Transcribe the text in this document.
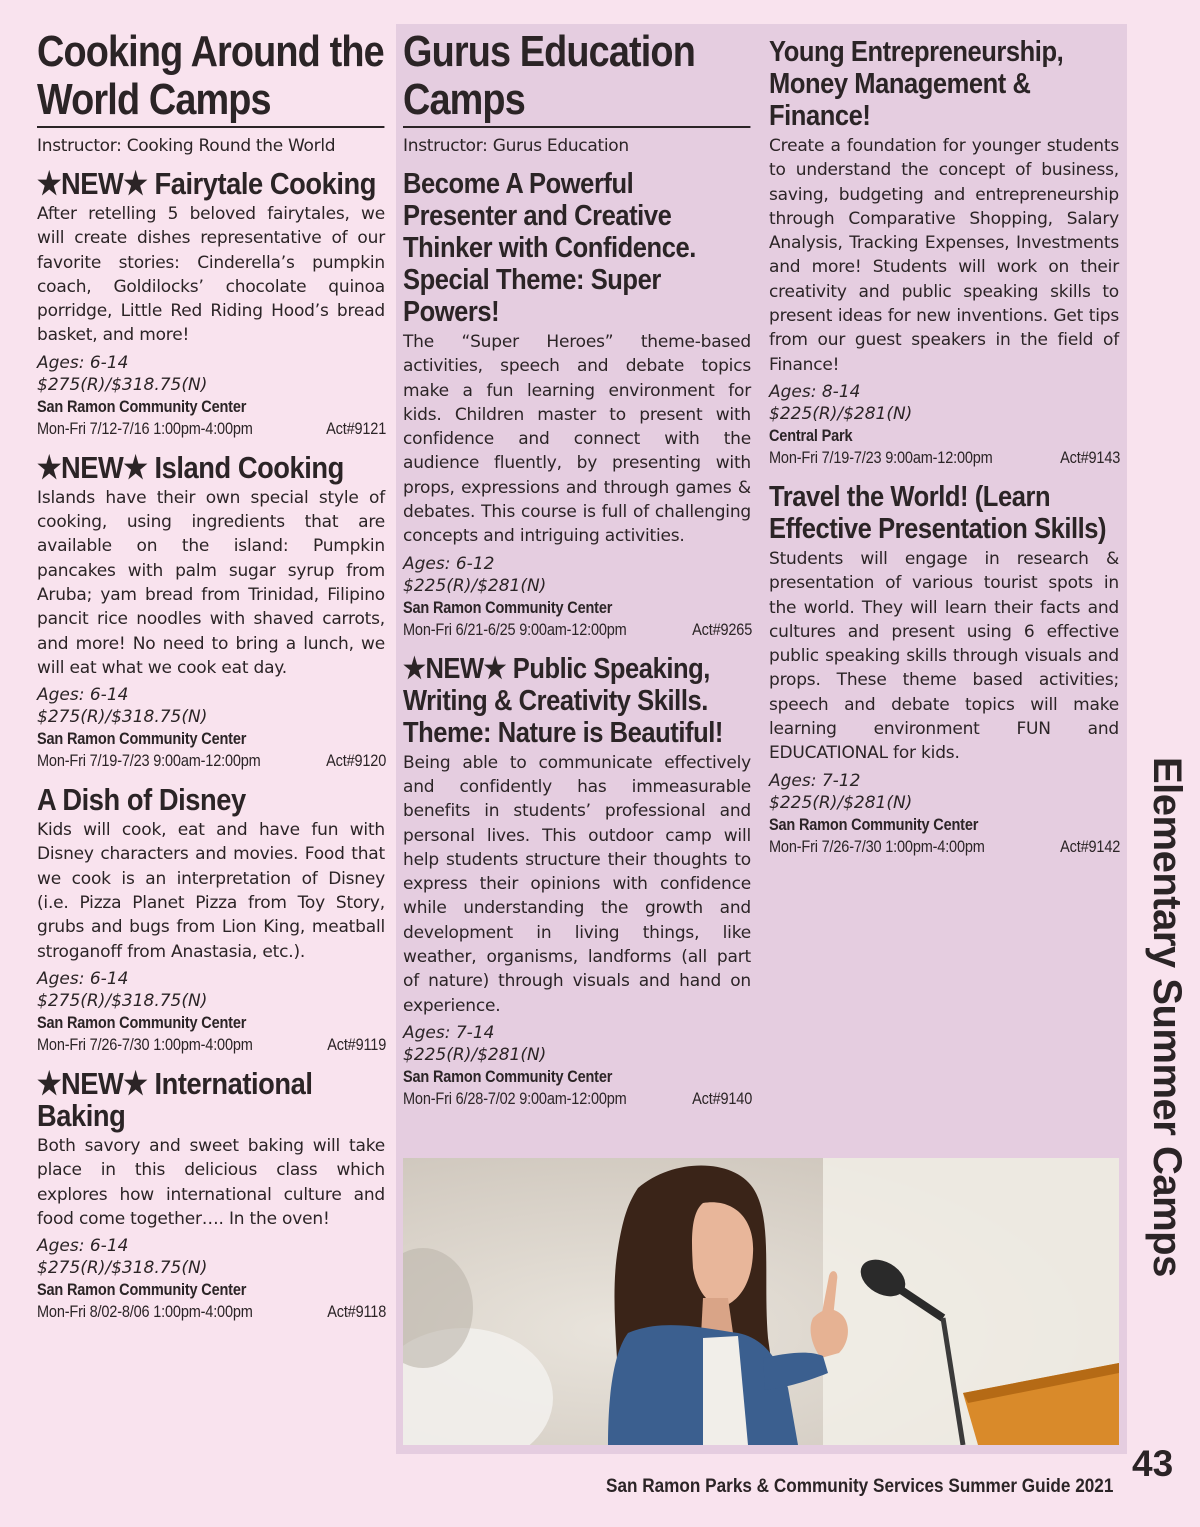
Cooking Around the World Camps
Instructor: Cooking Round the World
★NEW★ Fairytale Cooking

After retelling 5 beloved fairytales, we will create dishes representative of our favorite stories: Cinderella’s pumpkin coach, Goldilocks’ chocolate quinoa porridge, Little Red Riding Hood’s bread basket, and more!

Ages: 6-14
$275(R)/$318.75(N)
San Ramon Community Center
Mon-Fri 7/12-7/16 1:00pm-4:00pm	Act#9121
★NEW★ Island Cooking

Islands have their own special style of cooking, using ingredients that are available on the island: Pumpkin pancakes with palm sugar syrup from Aruba; yam bread from Trinidad, Filipino pancit rice noodles with shaved carrots, and more! No need to bring a lunch, we will eat what we cook eat day.

Ages: 6-14
$275(R)/$318.75(N)
San Ramon Community Center
Mon-Fri 7/19-7/23 9:00am-12:00pm	Act#9120
A Dish of Disney

Kids will cook, eat and have fun with Disney characters and movies. Food that we cook is an interpretation of Disney (i.e. Pizza Planet Pizza from Toy Story, grubs and bugs from Lion King, meatball stroganoff from Anastasia, etc.).

Ages: 6-14
$275(R)/$318.75(N)
San Ramon Community Center
Mon-Fri 7/26-7/30 1:00pm-4:00pm	Act#9119
★NEW★ International Baking

Both savory and sweet baking will take place in this delicious class which explores how international culture and food come together…. In the oven!

Ages: 6-14
$275(R)/$318.75(N)
San Ramon Community Center
Mon-Fri 8/02-8/06 1:00pm-4:00pm	Act#9118
Gurus Education Camps
Instructor: Gurus Education
Become A Powerful Presenter and Creative Thinker with Confidence. Special Theme: Super Powers!

The “Super Heroes” theme-based activities, speech and debate topics make a fun learning environment for kids. Children master to present with confidence and connect with the audience fluently, by presenting with props, expressions and through games & debates. This course is full of challenging concepts and intriguing activities.

Ages: 6-12
$225(R)/$281(N)
San Ramon Community Center
Mon-Fri 6/21-6/25 9:00am-12:00pm	Act#9265
★NEW★ Public Speaking, Writing & Creativity Skills. Theme: Nature is Beautiful!

Being able to communicate effectively and confidently has immeasurable benefits in students’ professional and personal lives. This outdoor camp will help students structure their thoughts to express their opinions with confidence while understanding the growth and development in living things, like weather, organisms, landforms (all part of nature) through visuals and hand on experience.

Ages: 7-14
$225(R)/$281(N)
San Ramon Community Center
Mon-Fri 6/28-7/02 9:00am-12:00pm	Act#9140
Young Entrepreneurship, Money Management & Finance!

Create a foundation for younger students to understand the concept of business, saving, budgeting and entrepreneurship through Comparative Shopping, Salary Analysis, Tracking Expenses, Investments and more! Students will work on their creativity and public speaking skills to present ideas for new inventions. Get tips from our guest speakers in the field of Finance!

Ages: 8-14
$225(R)/$281(N)
Central Park
Mon-Fri 7/19-7/23 9:00am-12:00pm	Act#9143
Travel the World! (Learn Effective Presentation Skills)

Students will engage in research & presentation of various tourist spots in the world. They will learn their facts and cultures and present using 6 effective public speaking skills through visuals and props. These theme based activities; speech and debate topics will make learning environment FUN and EDUCATIONAL for kids.

Ages: 7-12
$225(R)/$281(N)
San Ramon Community Center
Mon-Fri 7/26-7/30 1:00pm-4:00pm	Act#9142 Elementary Summer Camps
43
San Ramon Parks & Community Services Summer Guide 2021
